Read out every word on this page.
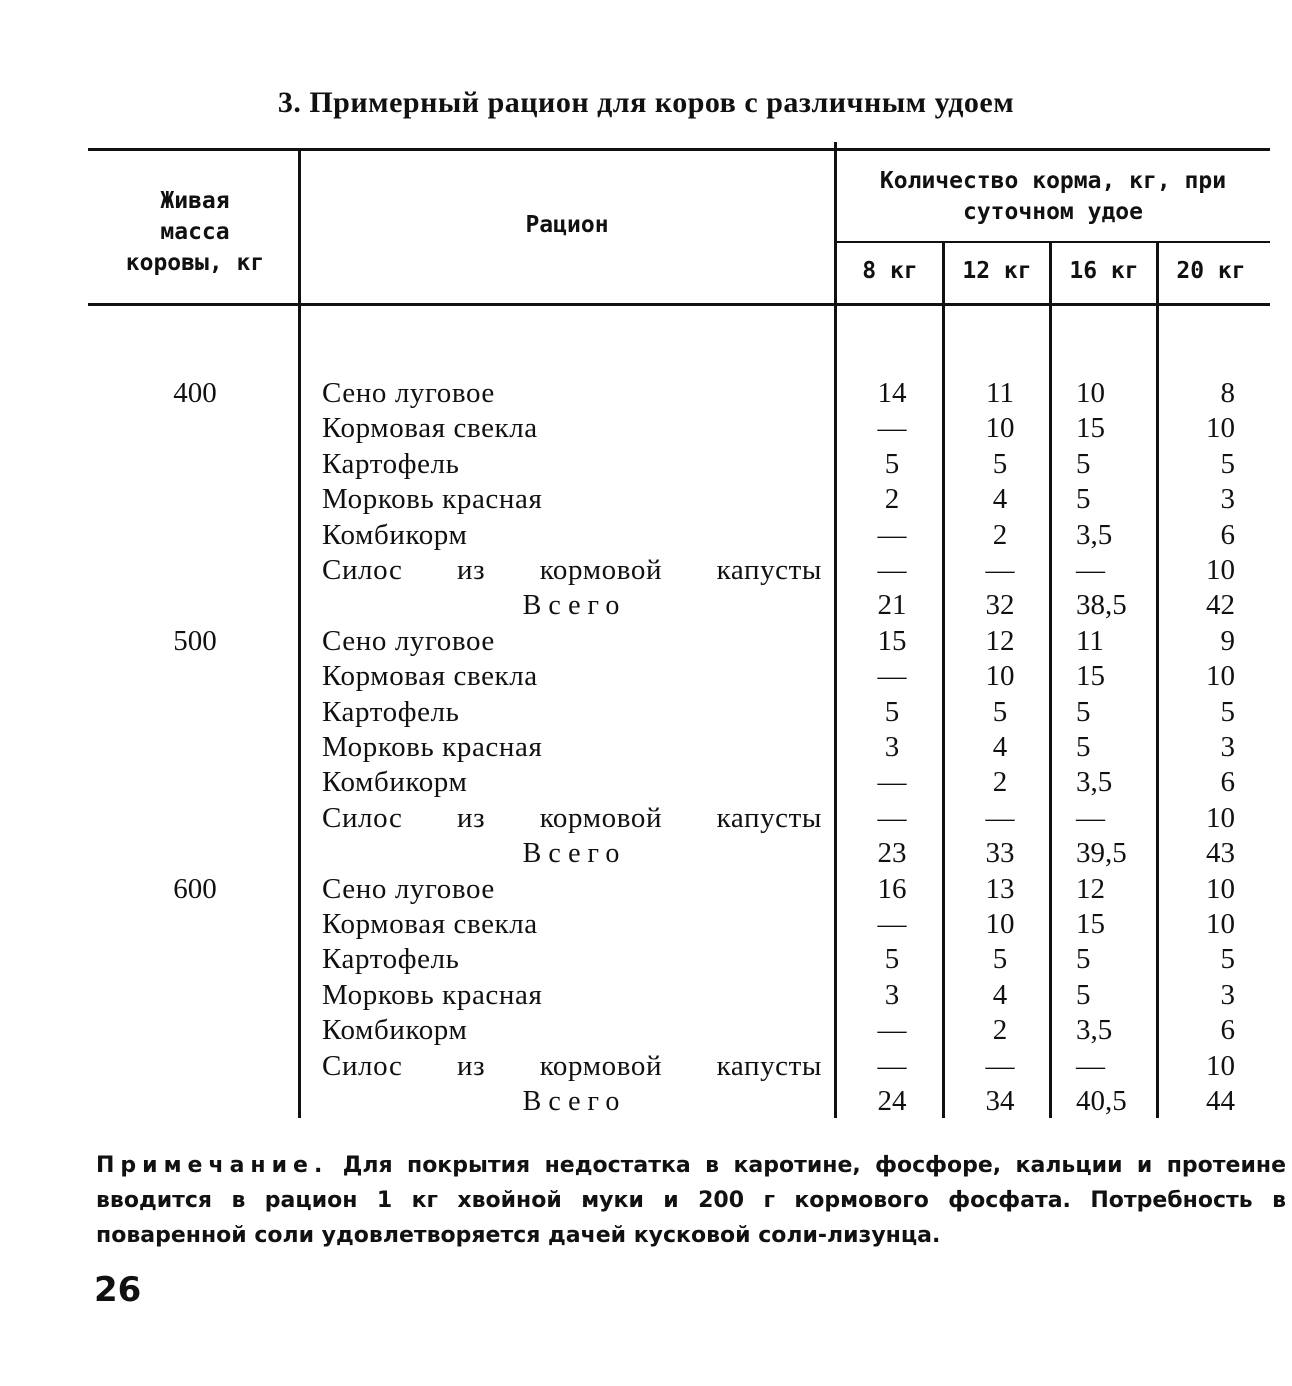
3. Примерный рацион для коров с различным удоем
Живая
масса
коровы, кг
Рацион
Количество корма, кг, при
суточном удое
8 кг	12 кг	16 кг	20 кг
400	Сено луговое	14	11	10	8
Кормовая свекла	—	10	15	10
Картофель	5	5	5	5
Морковь красная	2	4	5	3
Комбикорм	—	2	3,5	6
Силос из кормовой капусты	—	—	—	10
Всего	21	32	38,5	42
500	Сено луговое	15	12	11	9
Кормовая свекла	—	10	15	10
Картофель	5	5	5	5
Морковь красная	3	4	5	3
Комбикорм	—	2	3,5	6
Силос из кормовой капусты	—	—	—	10
Всего	23	33	39,5	43
600	Сено луговое	16	13	12	10
Кормовая свекла	—	10	15	10
Картофель	5	5	5	5
Морковь красная	3	4	5	3
Комбикорм	—	2	3,5	6
Силос из кормовой капусты	—	—	—	10
Всего	24	34	40,5	44
Примечание. Для покрытия недостатка в каротине, фосфоре, кальции и протеине вводится в рацион 1 кг хвойной муки и 200 г кормового фосфата. Потребность в поваренной соли удовлетворяется дачей кусковой соли-лизунца.
26
